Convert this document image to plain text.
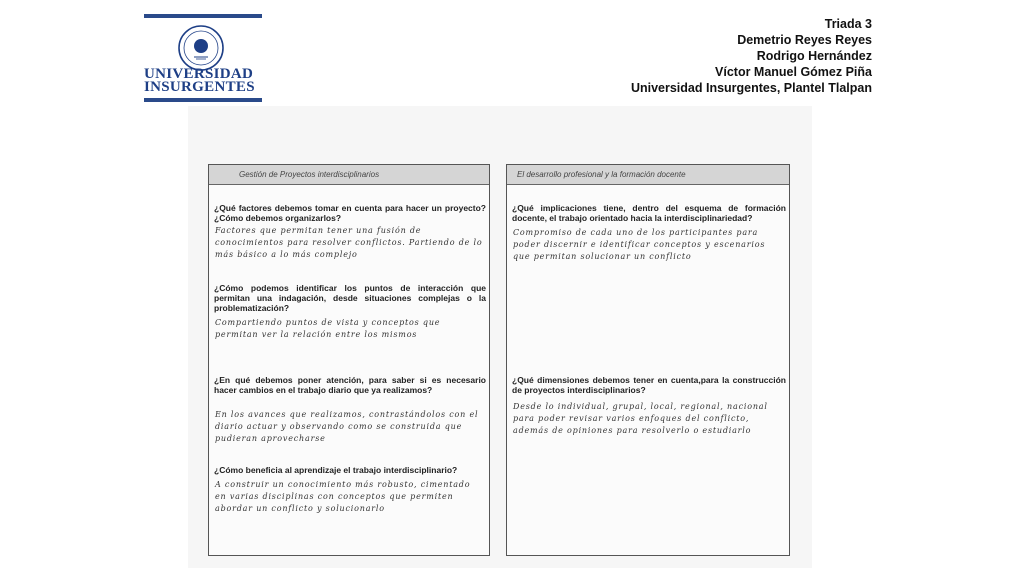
UNIVERSIDAD
INSURGENTES
Triada 3
Demetrio Reyes Reyes
Rodrigo Hernández
Víctor Manuel Gómez Piña
Universidad Insurgentes, Plantel Tlalpan
Gestión de Proyectos interdisciplinarios
¿Qué factores debemos tomar en cuenta para hacer un proyecto? ¿Cómo debemos organizarlos?
Factores que permitan tener una fusión de conocimientos para resolver conflictos. Partiendo de lo más básico a lo más complejo
¿Cómo podemos identificar los puntos de interacción que permitan una indagación, desde situaciones complejas o la problematización?
Compartiendo puntos de vista y conceptos que permitan ver la relación entre los mismos
¿En qué debemos poner atención, para saber si es necesario hacer cambios en el trabajo diario que ya realizamos?
En los avances que realizamos, contrastándolos con el diario actuar y observando como se construida que pudieran aprovecharse
¿Cómo beneficia al aprendizaje el trabajo interdisciplinario?
A construir un conocimiento más robusto, cimentado en varias disciplinas con conceptos que permiten abordar un conflicto y solucionarlo
El desarrollo profesional y la formación docente
¿Qué implicaciones tiene, dentro del esquema de formación docente, el trabajo orientado hacia la interdisciplinariedad?
Compromiso de cada uno de los participantes para poder discernir e identificar conceptos y escenarios que permitan solucionar un conflicto
¿Qué dimensiones debemos tener en cuenta,para la construcción de proyectos interdisciplinarios?
Desde lo individual, grupal, local, regional, nacional para poder revisar varios enfoques del conflicto, además de opiniones para resolverlo o estudiarlo
